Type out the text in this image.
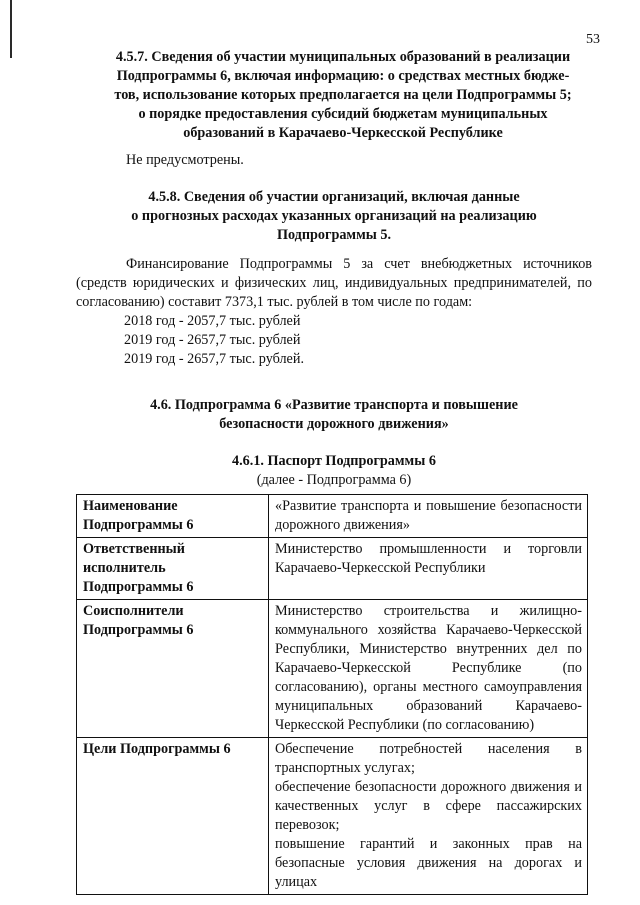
53
4.5.7. Сведения об участии муниципальных образований в реализации
Подпрограммы 6, включая информацию: о средствах местных бюдже-
тов, использование которых предполагается на цели Подпрограммы 5;
о порядке предоставления субсидий бюджетам муниципальных
образований в Карачаево-Черкесской Республике

Не предусмотрены.

4.5.8. Сведения об участии организаций, включая данные
о прогнозных расходах указанных организаций на реализацию
Подпрограммы 5.

Финансирование Подпрограммы 5 за счет внебюджетных источников (средств юридических и физических лиц, индивидуальных предпринимателей, по согласованию) составит 7373,1 тыс. рублей в том числе по годам:

2018 год - 2057,7 тыс. рублей
2019 год - 2657,7 тыс. рублей
2019 год - 2657,7 тыс. рублей.
4.6. Подпрограмма 6 «Развитие транспорта и повышение
безопасности дорожного движения»
4.6.1. Паспорт Подпрограммы 6

(далее - Подпрограмма 6)

Наименование Подпрограммы 6	«Развитие транспорта и повышение безопасности дорожного движения»
Ответственный исполнитель Подпрограммы 6	Министерство промышленности и торговли Карачаево-Черкесской Республики
Соисполнители Подпрограммы 6	Министерство строительства и жилищно-коммунального хозяйства Карачаево-Черкесской Республики, Министерство внутренних дел по Карачаево-Черкесской Республике (по согласованию), органы местного самоуправления муниципальных образований Карачаево-Черкесской Республики (по согласованию)
Цели Подпрограммы 6	Обеспечение потребностей населения в транспортных услугах;
обеспечение безопасности дорожного движения и качественных услуг в сфере пассажирских перевозок;
повышение гарантий и законных прав на безопасные условия движения на дорогах и улицах
